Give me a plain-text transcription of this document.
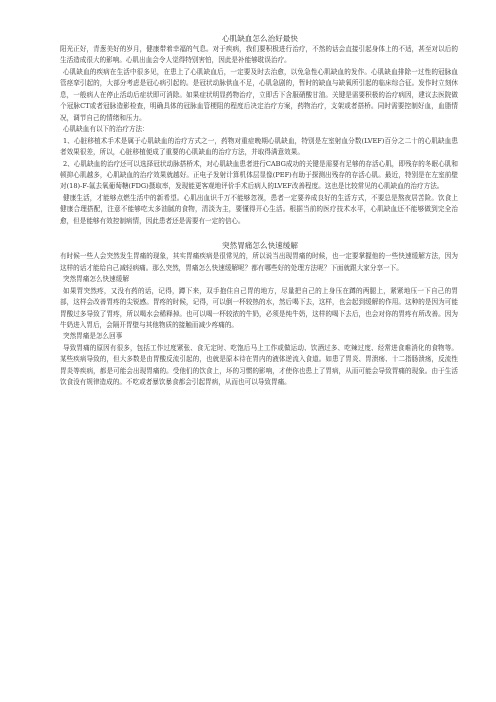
心肌缺血怎么治好最快

阳光正好，青葱美好的岁月，健康带着幸福的气息。对于疾病，我们要积极进行治疗，不然的话会直接引起身体上的不适，甚至对以后的生活造成很大的影响。心肌出血会令人觉得特别害怕，因此是补能够耽误治疗。

心肌缺血的疾病在生活中很多见，在患上了心肌缺血后，一定要及时去治愈，以免急性心肌缺血的发作。心肌缺血排除一过性的冠脉血管痉挛引起的，大部分考虑是冠心病引起的。是冠状动脉供血不足，心肌急剧的，暂时的缺血与缺氧所引起的临床综合征。发作时立刻休息，一般病人在停止活动后症状即可消除。如果症状明显药物治疗，立即舌下含服硝酸甘油。关键是需要积极的治疗病因，建议去医院做个冠脉CT或者冠脉造影检查，明确具体的冠脉血管梗阻的程度后决定治疗方案，药物治疗，支架或者搭桥。同时需要控制好血，血脂情况，调节自己的情绪和压力。

心肌缺血有以下的治疗方法：

1、心脏移植术手术是属于心肌缺血的治疗方式之一，药物对重症晚期心肌缺血，特别是左室射血分数(LVEF)百分之二十的心肌缺血患者效果很差，所以，心脏移植便成了重要的心肌缺血的治疗方法，并取得满意效果。

2、心肌缺血的治疗还可以选择冠状动脉搭桥术，对心肌缺血患者进行CABG成功的关键是需要有足够的存活心肌，即残存的冬眠心肌和顿抑心肌越多，心肌缺血的治疗效果就越好。正电子发射计算机体层显像(PEF)有助于探测出残存的存活心肌。最近，特别是在左室前壁对(18)-F-氟去氧葡萄糖(FDG)摄取率，发现能更客观地评价手术后病人的LVEF改善程度。这也是比较常见的心肌缺血的治疗方法。

健康生活，才能够点燃生活中的新希望。心肌出血识千万不能够忽视，患者一定要养成良好的生活方式，不要总是熬夜居苦险。饮食上健康合理搭配，注意不能够吃太多油腻的食物，清淡为主，要懂得开心生活。根据当前的医疗技术水平，心肌缺血还不能够做到完全治愈，但是能够有效控制病情，因此患者还是需要有一定的信心。

突然胃痛怎么快速缓解

有时候一些人会突然发生胃痛的现象，其实胃痛疾病是很常见的，所以说当出现胃痛的时候，也一定要掌握他的一些快速缓解方法，因为这样的话才能给自己减轻病痛。那么突然，胃痛怎么快速缓解呢？都有哪些好的处理方法呢？下面就跟大家分享一下。

突然胃痛怎么快速缓解

如果胃突然疼，又没有药的话，记得，蹲下来，双手抱住自己胃的地方，尽量把自己的上身压在蹲的两腿上，紧紧地压一下自己的胃部，这样会改善胃疼的尖锐感。胃疼的时候，记得，可以倒一杯较热的水，然后喝下去，这样，也会起到缓解的作用。这种的是因为可能胃酸过多导致了胃疼，所以喝水会稀释掉。也可以喝一杯较浓的牛奶，必须是纯牛奶，这样的喝下去后，也会对你的胃疼有所改善。因为牛奶进入胃后，会隔开胃壁与其他物质的接触而减少疼痛的。

突然胃痛是怎么回事

导致胃痛的原因有很多，包括工作过度紧张、食无定时、吃饱后马上工作或做运动、饮酒过多、吃辣过度、经常进食难消化的食物等。某些疾病导致的，但大多数是由胃酸反流引起的，也就是原本待在胃内的液体逆流入食道。如患了胃炎、胃溃疡、十二指肠溃疡，反流性胃炎等疾病，都是可能会出现胃痛的。受他们的饮食上，坏的习惯的影响，才使你也患上了胃病，从而可能会导致胃痛的现象。由于生活饮食没有规律造成的。不吃或者暴饮暴食都会引起胃病，从而也可以导致胃痛。
